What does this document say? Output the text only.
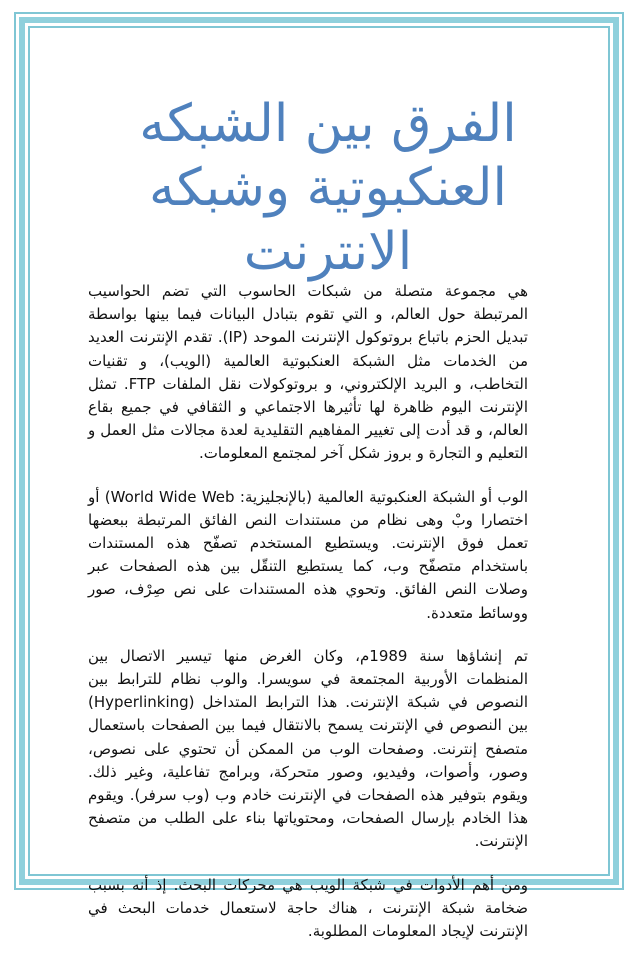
الفرق بين الشبكه
العنكبوتية وشبكه
الانترنت

هي مجموعة متصلة من شبكات الحاسوب التي تضم الحواسيب المرتبطة حول العالم، و التي تقوم بتبادل البيانات فيما بينها بواسطة تبديل الحزم باتباع بروتوكول الإنترنت الموحد (IP). تقدم الإنترنت العديد من الخدمات مثل الشبكة العنكبوتية العالمية (الويب)، و تقنيات التخاطب، و البريد الإلكتروني، و بروتوكولات نقل الملفات FTP. تمثل الإنترنت اليوم ظاهرة لها تأثيرها الاجتماعي و الثقافي في جميع بقاع العالم، و قد أدت إلى تغيير المفاهيم التقليدية لعدة مجالات مثل العمل و التعليم و التجارة و بروز شكل آخر لمجتمع المعلومات.

الوب أو الشبكة العنكبوتية العالمية (بالإنجليزية: World Wide Web) أو اختصارا وبْ وهى نظام من مستندات النص الفائق المرتبطة ببعضها تعمل فوق الإنترنت. ويستطيع المستخدم تصفّح هذه المستندات باستخدام متصفّح وب، كما يستطيع التنقّل بين هذه الصفحات عبر وصلات النص الفائق. وتحوي هذه المستندات على نص صِرْف، صور ووسائط متعددة.

تم إنشاؤها سنة 1989م، وكان الغرض منها تيسير الاتصال بين المنظمات الأوربية المجتمعة في سويسرا. والوب نظام للترابط بين النصوص في شبكة الإنترنت. هذا الترابط المتداخل (Hyperlinking) بين النصوص في الإنترنت يسمح بالانتقال فيما بين الصفحات باستعمال متصفح إنترنت. وصفحات الوب من الممكن أن تحتوي على نصوص، وصور، وأصوات، وفيديو، وصور متحركة، وبرامج تفاعلية، وغير ذلك. ويقوم بتوفير هذه الصفحات في الإنترنت خادم وب (وب سرفر). ويقوم هذا الخادم بإرسال الصفحات، ومحتوياتها بناء على الطلب من متصفح الإنترنت.

ومن أهم الأدوات في شبكة الويب هي محركات البحث. إذ أنه بسبب ضخامة شبكة الإنترنت ، هناك حاجة لاستعمال خدمات البحث في الإنترنت لإيجاد المعلومات المطلوبة.
